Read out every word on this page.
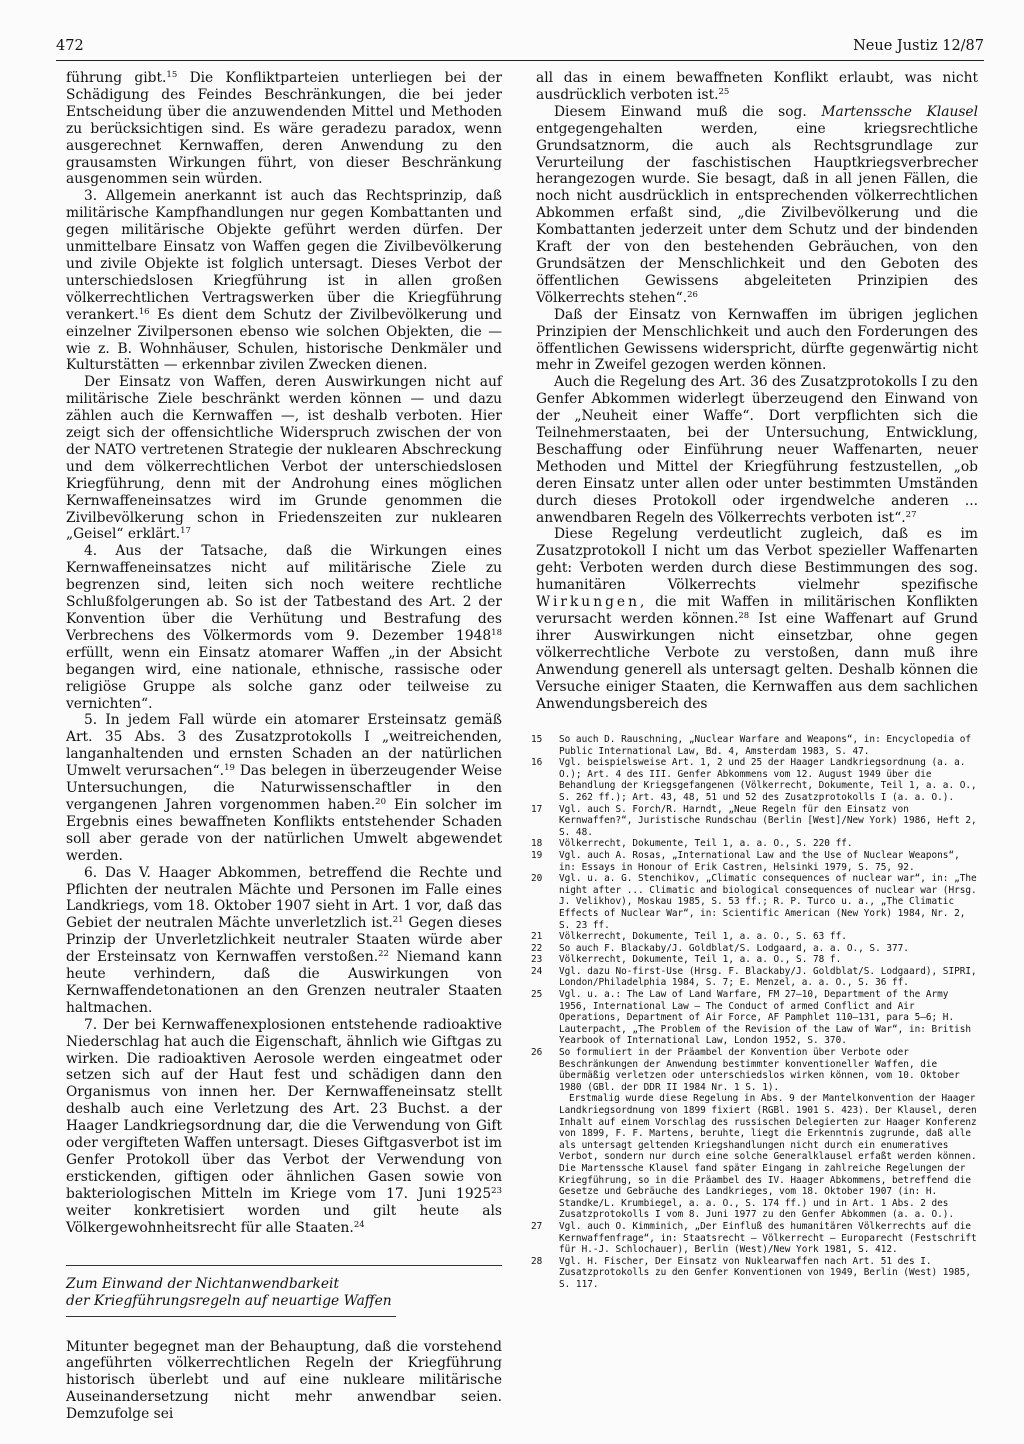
472	Neue Justiz 12/87

führung gibt.$^{15}$ Die Konfliktparteien unterliegen bei der Schädigung des Feindes Beschränkungen, die bei jeder Entscheidung über die anzuwendenden Mittel und Methoden zu berücksichtigen sind. Es wäre geradezu paradox, wenn ausgerechnet Kernwaffen, deren Anwendung zu den grausamsten Wirkungen führt, von dieser Beschränkung ausgenommen sein würden.

3. Allgemein anerkannt ist auch das Rechtsprinzip, daß militärische Kampfhandlungen nur gegen Kombattanten und gegen militärische Objekte geführt werden dürfen. Der unmittelbare Einsatz von Waffen gegen die Zivilbevölkerung und zivile Objekte ist folglich untersagt. Dieses Verbot der unterschiedslosen Kriegführung ist in allen großen völkerrechtlichen Vertragswerken über die Kriegführung verankert.$^{16}$ Es dient dem Schutz der Zivilbevölkerung und einzelner Zivilpersonen ebenso wie solchen Objekten, die — wie z. B. Wohnhäuser, Schulen, historische Denkmäler und Kulturstätten — erkennbar zivilen Zwecken dienen.

Der Einsatz von Waffen, deren Auswirkungen nicht auf militärische Ziele beschränkt werden können — und dazu zählen auch die Kernwaffen —, ist deshalb verboten. Hier zeigt sich der offensichtliche Widerspruch zwischen der von der NATO vertretenen Strategie der nuklearen Abschreckung und dem völkerrechtlichen Verbot der unterschiedslosen Kriegführung, denn mit der Androhung eines möglichen Kernwaffeneinsatzes wird im Grunde genommen die Zivilbevölkerung schon in Friedenszeiten zur nuklearen „Geisel“ erklärt.$^{17}$

4. Aus der Tatsache, daß die Wirkungen eines Kernwaffeneinsatzes nicht auf militärische Ziele zu begrenzen sind, leiten sich noch weitere rechtliche Schlußfolgerungen ab. So ist der Tatbestand des Art. 2 der Konvention über die Verhütung und Bestrafung des Verbrechens des Völkermords vom 9. Dezember 1948$^{18}$ erfüllt, wenn ein Einsatz atomarer Waffen „in der Absicht begangen wird, eine nationale, ethnische, rassische oder religiöse Gruppe als solche ganz oder teilweise zu vernichten“.

5. In jedem Fall würde ein atomarer Ersteinsatz gemäß Art. 35 Abs. 3 des Zusatzprotokolls I „weitreichenden, langanhaltenden und ernsten Schaden an der natürlichen Umwelt verursachen“.$^{19}$ Das belegen in überzeugender Weise Untersuchungen, die Naturwissenschaftler in den vergangenen Jahren vorgenommen haben.$^{20}$ Ein solcher im Ergebnis eines bewaffneten Konflikts entstehender Schaden soll aber gerade von der natürlichen Umwelt abgewendet werden.

6. Das V. Haager Abkommen, betreffend die Rechte und Pflichten der neutralen Mächte und Personen im Falle eines Landkriegs, vom 18. Oktober 1907 sieht in Art. 1 vor, daß das Gebiet der neutralen Mächte unverletzlich ist.$^{21}$ Gegen dieses Prinzip der Unverletzlichkeit neutraler Staaten würde aber der Ersteinsatz von Kernwaffen verstoßen.$^{22}$ Niemand kann heute verhindern, daß die Auswirkungen von Kernwaffendetonationen an den Grenzen neutraler Staaten haltmachen.

7. Der bei Kernwaffenexplosionen entstehende radioaktive Niederschlag hat auch die Eigenschaft, ähnlich wie Giftgas zu wirken. Die radioaktiven Aerosole werden eingeatmet oder setzen sich auf der Haut fest und schädigen dann den Organismus von innen her. Der Kernwaffeneinsatz stellt deshalb auch eine Verletzung des Art. 23 Buchst. a der Haager Landkriegsordnung dar, die die Verwendung von Gift oder vergifteten Waffen untersagt. Dieses Giftgasverbot ist im Genfer Protokoll über das Verbot der Verwendung von erstickenden, giftigen oder ähnlichen Gasen sowie von bakteriologischen Mitteln im Kriege vom 17. Juni 1925$^{23}$ weiter konkretisiert worden und gilt heute als Völkergewohnheitsrecht für alle Staaten.$^{24}$

Zum Einwand der Nichtanwendbarkeit
der Kriegführungsregeln auf neuartige Waffen

Mitunter begegnet man der Behauptung, daß die vorstehend angeführten völkerrechtlichen Regeln der Kriegführung historisch überlebt und auf eine nukleare militärische Auseinandersetzung nicht mehr anwendbar seien. Demzufolge sei

all das in einem bewaffneten Konflikt erlaubt, was nicht ausdrücklich verboten ist.$^{25}$

Diesem Einwand muß die sog. Martenssche Klausel entgegengehalten werden, eine kriegsrechtliche Grundsatznorm, die auch als Rechtsgrundlage zur Verurteilung der faschistischen Hauptkriegsverbrecher herangezogen wurde. Sie besagt, daß in all jenen Fällen, die noch nicht ausdrücklich in entsprechenden völkerrechtlichen Abkommen erfaßt sind, „die Zivilbevölkerung und die Kombattanten jederzeit unter dem Schutz und der bindenden Kraft der von den bestehenden Gebräuchen, von den Grundsätzen der Menschlichkeit und den Geboten des öffentlichen Gewissens abgeleiteten Prinzipien des Völkerrechts stehen“.$^{26}$

Daß der Einsatz von Kernwaffen im übrigen jeglichen Prinzipien der Menschlichkeit und auch den Forderungen des öffentlichen Gewissens widerspricht, dürfte gegenwärtig nicht mehr in Zweifel gezogen werden können.

Auch die Regelung des Art. 36 des Zusatzprotokolls I zu den Genfer Abkommen widerlegt überzeugend den Einwand von der „Neuheit einer Waffe“. Dort verpflichten sich die Teilnehmerstaaten, bei der Untersuchung, Entwicklung, Beschaffung oder Einführung neuer Waffenarten, neuer Methoden und Mittel der Kriegführung festzustellen, „ob deren Einsatz unter allen oder unter bestimmten Umständen durch dieses Protokoll oder irgendwelche anderen ... anwendbaren Regeln des Völkerrechts verboten ist“.$^{27}$

Diese Regelung verdeutlicht zugleich, daß es im Zusatzprotokoll I nicht um das Verbot spezieller Waffenarten geht: Verboten werden durch diese Bestimmungen des sog. humanitären Völkerrechts vielmehr spezifische Wirkungen, die mit Waffen in militärischen Konflikten verursacht werden können.$^{28}$ Ist eine Waffenart auf Grund ihrer Auswirkungen nicht einsetzbar, ohne gegen völkerrechtliche Verbote zu verstoßen, dann muß ihre Anwendung generell als untersagt gelten. Deshalb können die Versuche einiger Staaten, die Kernwaffen aus dem sachlichen Anwendungsbereich des

15	So auch D. Rauschning, „Nuclear Warfare and Weapons“, in: Encyclopedia of Public International Law, Bd. 4, Amsterdam 1983, S. 47.
16	Vgl. beispielsweise Art. 1, 2 und 25 der Haager Landkriegsordnung (a. a. O.); Art. 4 des III. Genfer Abkommens vom 12. August 1949 über die Behandlung der Kriegsgefangenen (Völkerrecht, Dokumente, Teil 1, a. a. O., S. 262 ff.); Art. 43, 48, 51 und 52 des Zusatzprotokolls I (a. a. O.).
17	Vgl. auch S. Forch/R. Harndt, „Neue Regeln für den Einsatz von Kernwaffen?“, Juristische Rundschau (Berlin [West]/New York) 1986, Heft 2, S. 48.
18	Völkerrecht, Dokumente, Teil 1, a. a. O., S. 220 ff.
19	Vgl. auch A. Rosas, „International Law and the Use of Nuclear Weapons“, in: Essays in Honour of Erik Castren, Helsinki 1979, S. 75, 92.
20	Vgl. u. a. G. Stenchikov, „Climatic consequences of nuclear war“, in: „The night after ... Climatic and biological consequences of nuclear war (Hrsg. J. Velikhov), Moskau 1985, S. 53 ff.; R. P. Turco u. a., „The Climatic Effects of Nuclear War“, in: Scientific American (New York) 1984, Nr. 2, S. 23 ff.
21	Völkerrecht, Dokumente, Teil 1, a. a. O., S. 63 ff.
22	So auch F. Blackaby/J. Goldblat/S. Lodgaard, a. a. O., S. 377.
23	Völkerrecht, Dokumente, Teil 1, a. a. O., S. 78 f.
24	Vgl. dazu No-first-Use (Hrsg. F. Blackaby/J. Goldblat/S. Lodgaard), SIPRI, London/Philadelphia 1984, S. 7; E. Menzel, a. a. O., S. 36 ff.
25	Vgl. u. a.: The Law of Land Warfare, FM 27—10, Department of the Army 1956, International Law — The Conduct of armed Conflict and Air Operations, Department of Air Force, AF Pamphlet 110—131, para 5—6; H. Lauterpacht, „The Problem of the Revision of the Law of War“, in: British Yearbook of International Law, London 1952, S. 370.
26	So formuliert in der Präambel der Konvention über Verbote oder Beschränkungen der Anwendung bestimmter konventioneller Waffen, die übermäßig verletzen oder unterschiedslos wirken können, vom 10. Oktober 1980 (GBl. der DDR II 1984 Nr. 1 S. 1).
Erstmalig wurde diese Regelung in Abs. 9 der Mantelkonvention der Haager Landkriegsordnung von 1899 fixiert (RGBl. 1901 S. 423). Der Klausel, deren Inhalt auf einem Vorschlag des russischen Delegierten zur Haager Konferenz von 1899, F. F. Martens, beruhte, liegt die Erkenntnis zugrunde, daß alle als untersagt geltenden Kriegshandlungen nicht durch ein enumeratives Verbot, sondern nur durch eine solche Generalklausel erfaßt werden können. Die Martenssche Klausel fand später Eingang in zahlreiche Regelungen der Kriegführung, so in die Präambel des IV. Haager Abkommens, betreffend die Gesetze und Gebräuche des Landkrieges, vom 18. Oktober 1907 (in: H. Standke/L. Krumbiegel, a. a. O., S. 174 ff.) und in Art. 1 Abs. 2 des Zusatzprotokolls I vom 8. Juni 1977 zu den Genfer Abkommen (a. a. O.).
27	Vgl. auch O. Kimminich, „Der Einfluß des humanitären Völkerrechts auf die Kernwaffenfrage“, in: Staatsrecht — Völkerrecht — Europarecht (Festschrift für H.-J. Schlochauer), Berlin (West)/New York 1981, S. 412.
28	Vgl. H. Fischer, Der Einsatz von Nuklearwaffen nach Art. 51 des I. Zusatzprotokolls zu den Genfer Konventionen von 1949, Berlin (West) 1985, S. 117.
